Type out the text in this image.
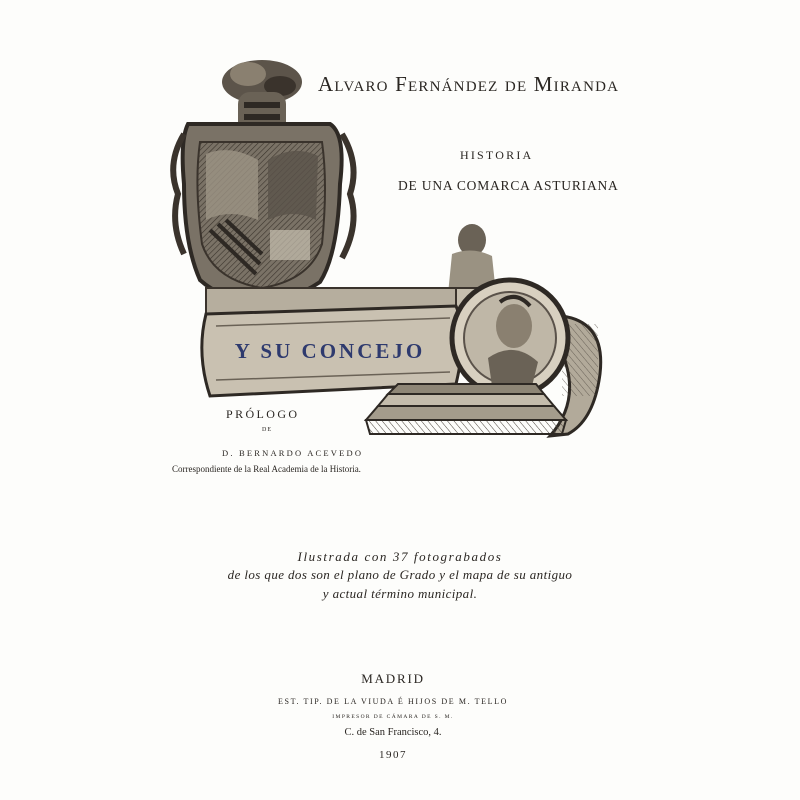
Alvaro Fernández de Miranda
HISTORIA
DE UNA COMARCA ASTURIANA
Y SU CONCEJO
PRÓLOGO
DE
D. BERNARDO ACEVEDO
Correspondiente de la Real Academia de la Historia.
Ilustrada con 37 fotograbados
de los que dos son el plano de Grado y el mapa de su antiguo
y actual término municipal.
MADRID
EST. TIP. DE LA VIUDA É HIJOS DE M. TELLO
IMPRESOR DE CÁMARA DE S. M.
C. de San Francisco, 4.
1907
